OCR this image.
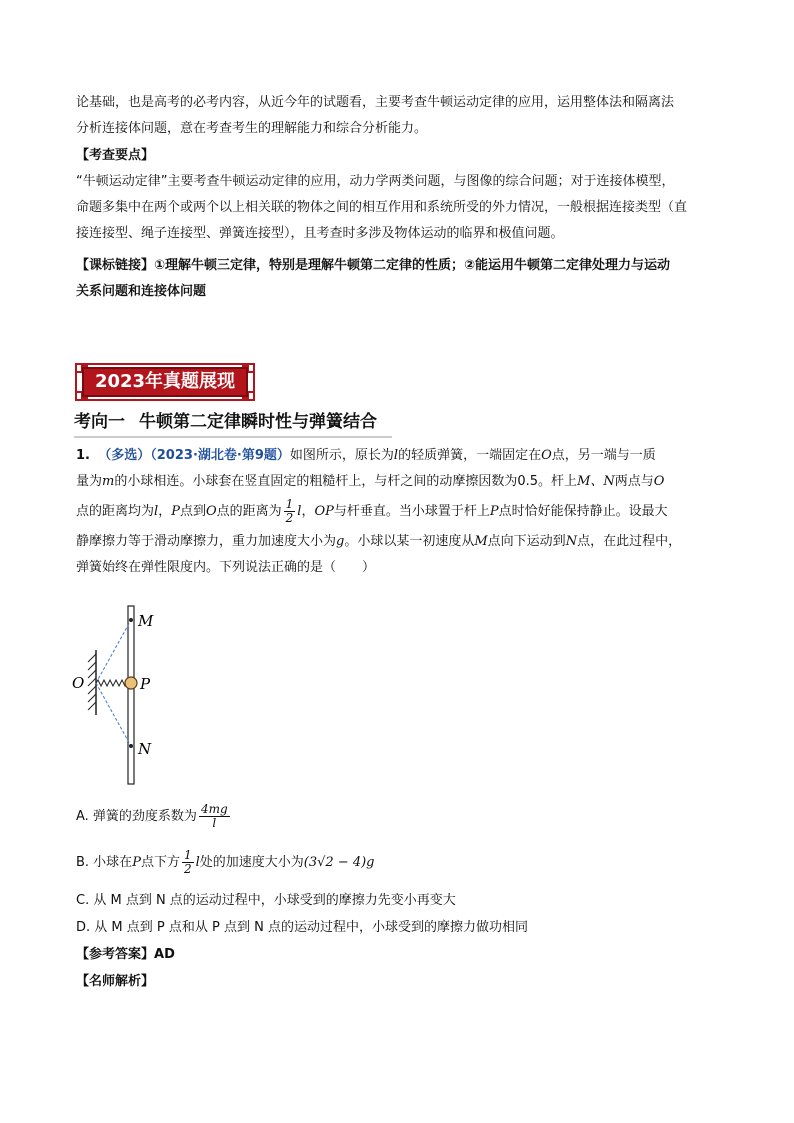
论基础，也是高考的必考内容，从近今年的试题看，主要考查牛顿运动定律的应用，运用整体法和隔离法
分析连接体问题，意在考查考生的理解能力和综合分析能力。
【考查要点】
“牛顿运动定律”主要考查牛顿运动定律的应用，动力学两类问题，与图像的综合问题；对于连接体模型，
命题多集中在两个或两个以上相关联的物体之间的相互作用和系统所受的外力情况，一般根据连接类型（直
接连接型、绳子连接型、弹簧连接型），且考查时多涉及物体运动的临界和极值问题。
【课标链接】①理解牛顿三定律，特别是理解牛顿第二定律的性质；②能运用牛顿第二定律处理力与运动
关系问题和连接体问题
2023年真题展现
考向一 牛顿第二定律瞬时性与弹簧结合
1. （多选）（2023·湖北卷·第9题）如图所示，原长为l的轻质弹簧，一端固定在O点，另一端与一质
量为m的小球相连。小球套在竖直固定的粗糙杆上，与杆之间的动摩擦因数为0.5。杆上M、N两点与O
点的距离均为l，P点到O点的距离为 $\frac{1}{2}$ l，OP与杆垂直。当小球置于杆上P点时恰好能保持静止。设最大
静摩擦力等于滑动摩擦力，重力加速度大小为g。小球以某一初速度从M点向下运动到N点，在此过程中，
弹簧始终在弹性限度内。下列说法正确的是（　　）
M
O	P
N
A. 弹簧的劲度系数为 $\frac{4mg}{l}$
B. 小球在P点下方 $\frac{1}{2}$ l处的加速度大小为(3√2 − 4)g
C. 从 M 点到 N 点的运动过程中，小球受到的摩擦力先变小再变大
D. 从 M 点到 P 点和从 P 点到 N 点的运动过程中，小球受到的摩擦力做功相同
【参考答案】AD
【名师解析】
